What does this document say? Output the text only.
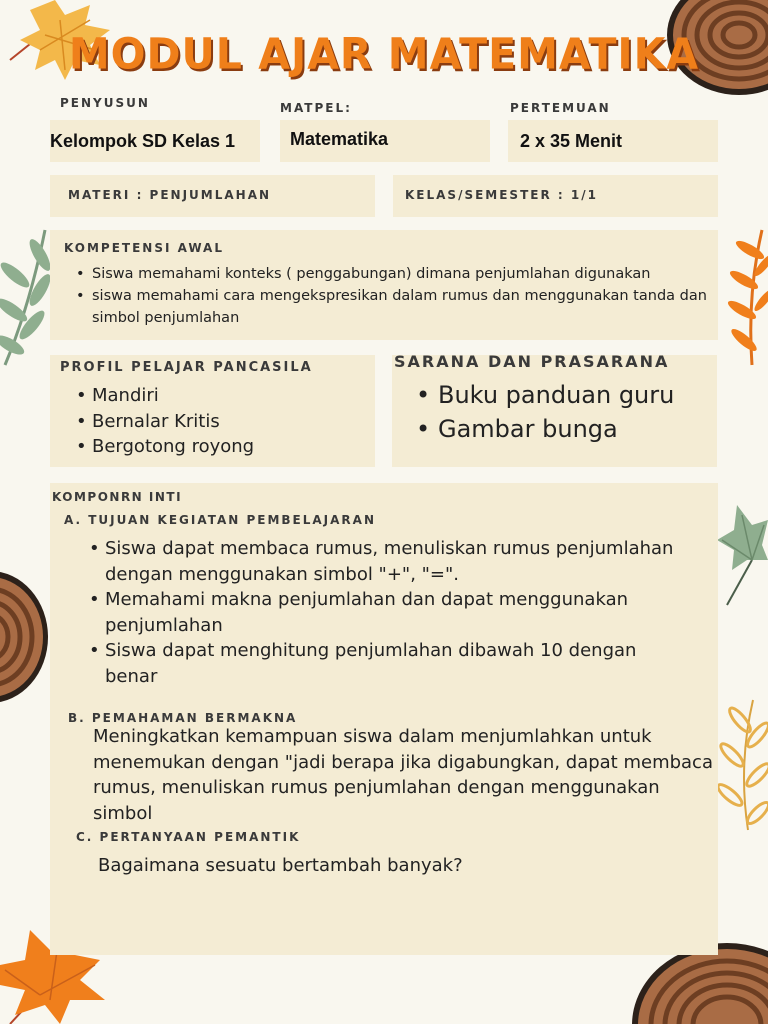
MODUL AJAR MATEMATIKA
PENYUSUN
Kelompok SD Kelas 1
MATPEL:
Matematika
PERTEMUAN
2 x 35 Menit
MATERI : PENJUMLAHAN	KELAS/SEMESTER : 1/1
KOMPETENSI AWAL
• Siswa memahami konteks ( penggabungan) dimana penjumlahan digunakan
• siswa memahami cara mengekspresikan dalam rumus dan menggunakan tanda dan simbol penjumlahan
PROFIL PELAJAR PANCASILA
• Mandiri
• Bernalar Kritis
• Bergotong royong
SARANA DAN PRASARANA
• Buku panduan guru
• Gambar bunga
KOMPONRN INTI
A. TUJUAN KEGIATAN PEMBELAJARAN
• Siswa dapat membaca rumus, menuliskan rumus penjumlahan dengan menggunakan simbol "+", "=".
• Memahami makna penjumlahan dan dapat menggunakan penjumlahan
• Siswa dapat menghitung penjumlahan dibawah 10 dengan benar
B. PEMAHAMAN BERMAKNA
Meningkatkan kemampuan siswa dalam menjumlahkan untuk menemukan dengan "jadi berapa jika digabungkan, dapat membaca rumus, menuliskan rumus penjumlahan dengan menggunakan simbol
C. PERTANYAAN PEMANTIK
Bagaimana sesuatu bertambah banyak?
